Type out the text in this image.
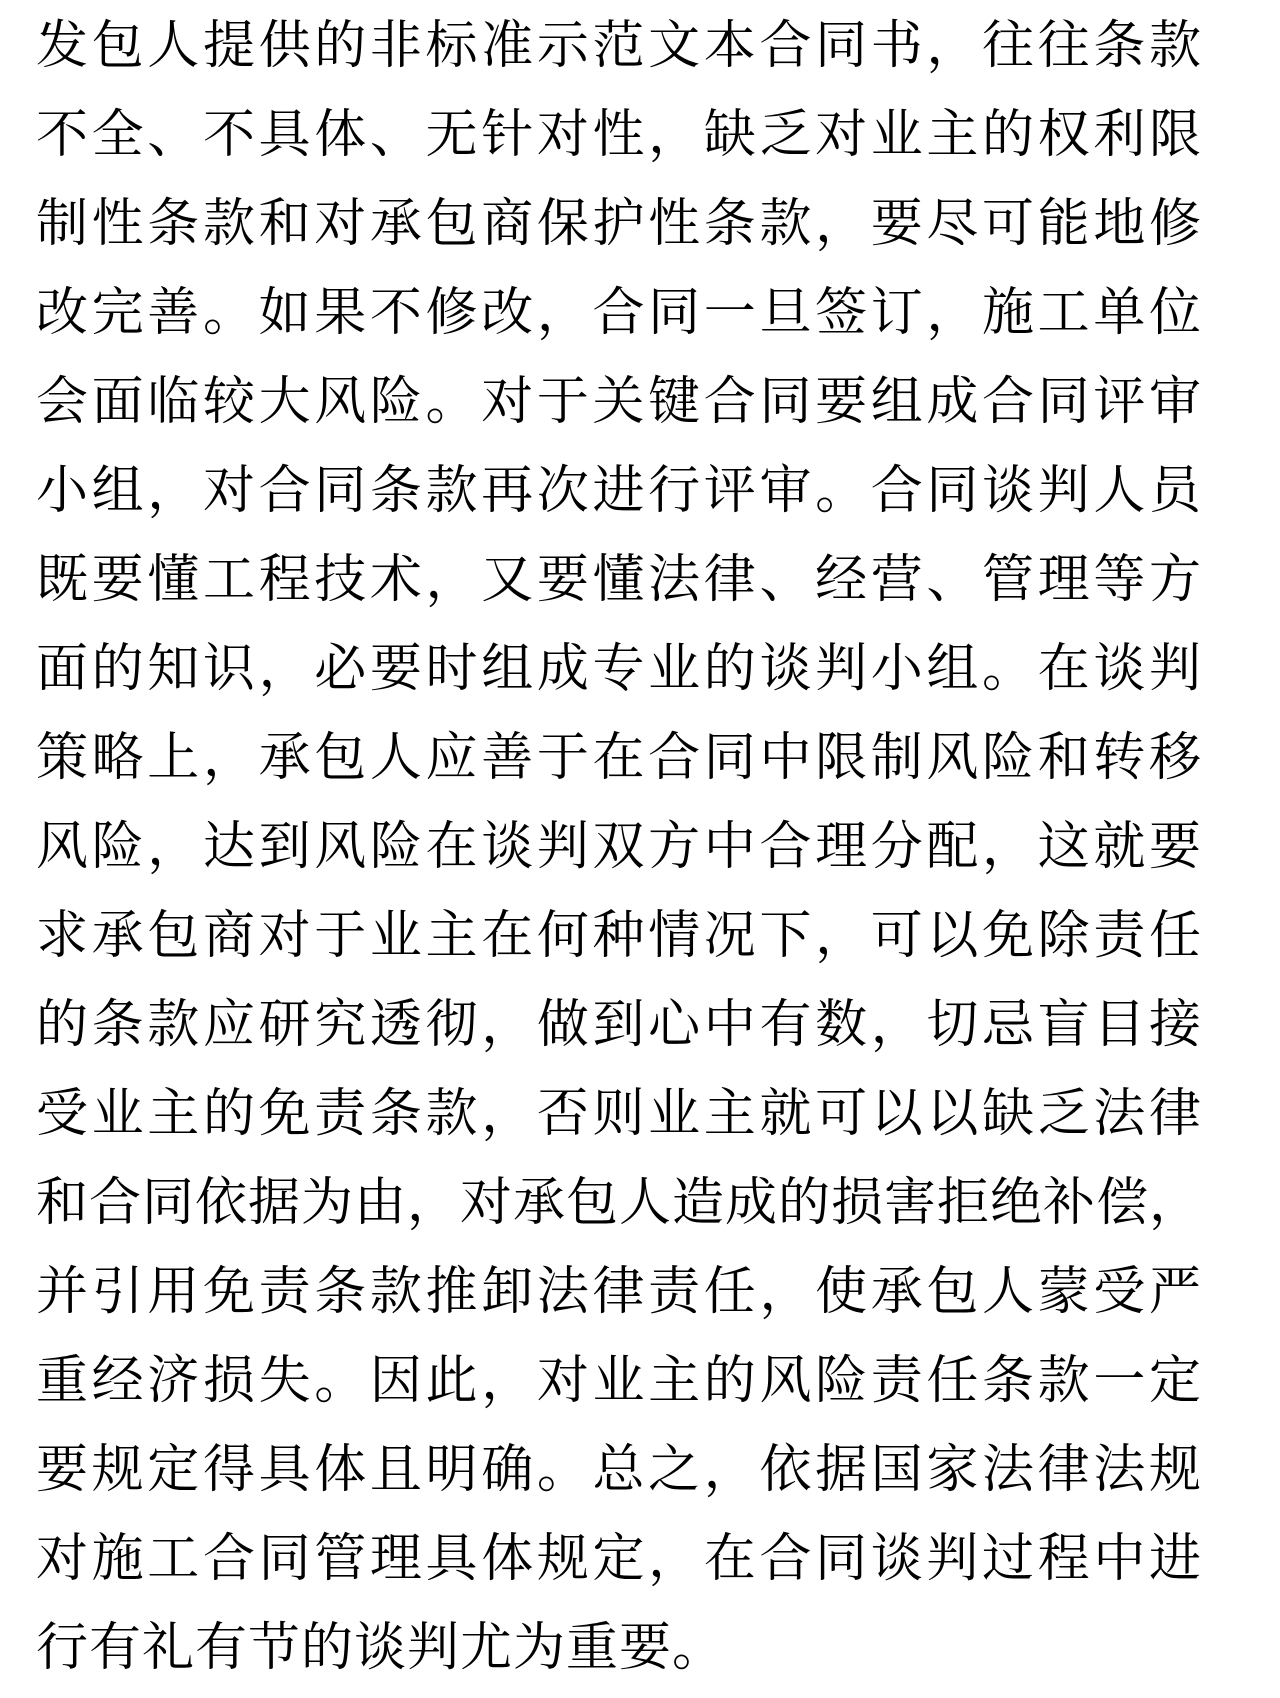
发包人提供的非标准示范文本合同书，往往条款
不全、不具体、无针对性，缺乏对业主的权利限
制性条款和对承包商保护性条款，要尽可能地修
改完善。如果不修改，合同一旦签订，施工单位
会面临较大风险。对于关键合同要组成合同评审
小组，对合同条款再次进行评审。合同谈判人员
既要懂工程技术，又要懂法律、经营、管理等方
面的知识，必要时组成专业的谈判小组。在谈判
策略上，承包人应善于在合同中限制风险和转移
风险，达到风险在谈判双方中合理分配，这就要
求承包商对于业主在何种情况下，可以免除责任
的条款应研究透彻，做到心中有数，切忌盲目接
受业主的免责条款，否则业主就可以以缺乏法律
和合同依据为由，对承包人造成的损害拒绝补偿，
并引用免责条款推卸法律责任，使承包人蒙受严
重经济损失。因此，对业主的风险责任条款一定
要规定得具体且明确。总之，依据国家法律法规
对施工合同管理具体规定，在合同谈判过程中进
行有礼有节的谈判尤为重要。
